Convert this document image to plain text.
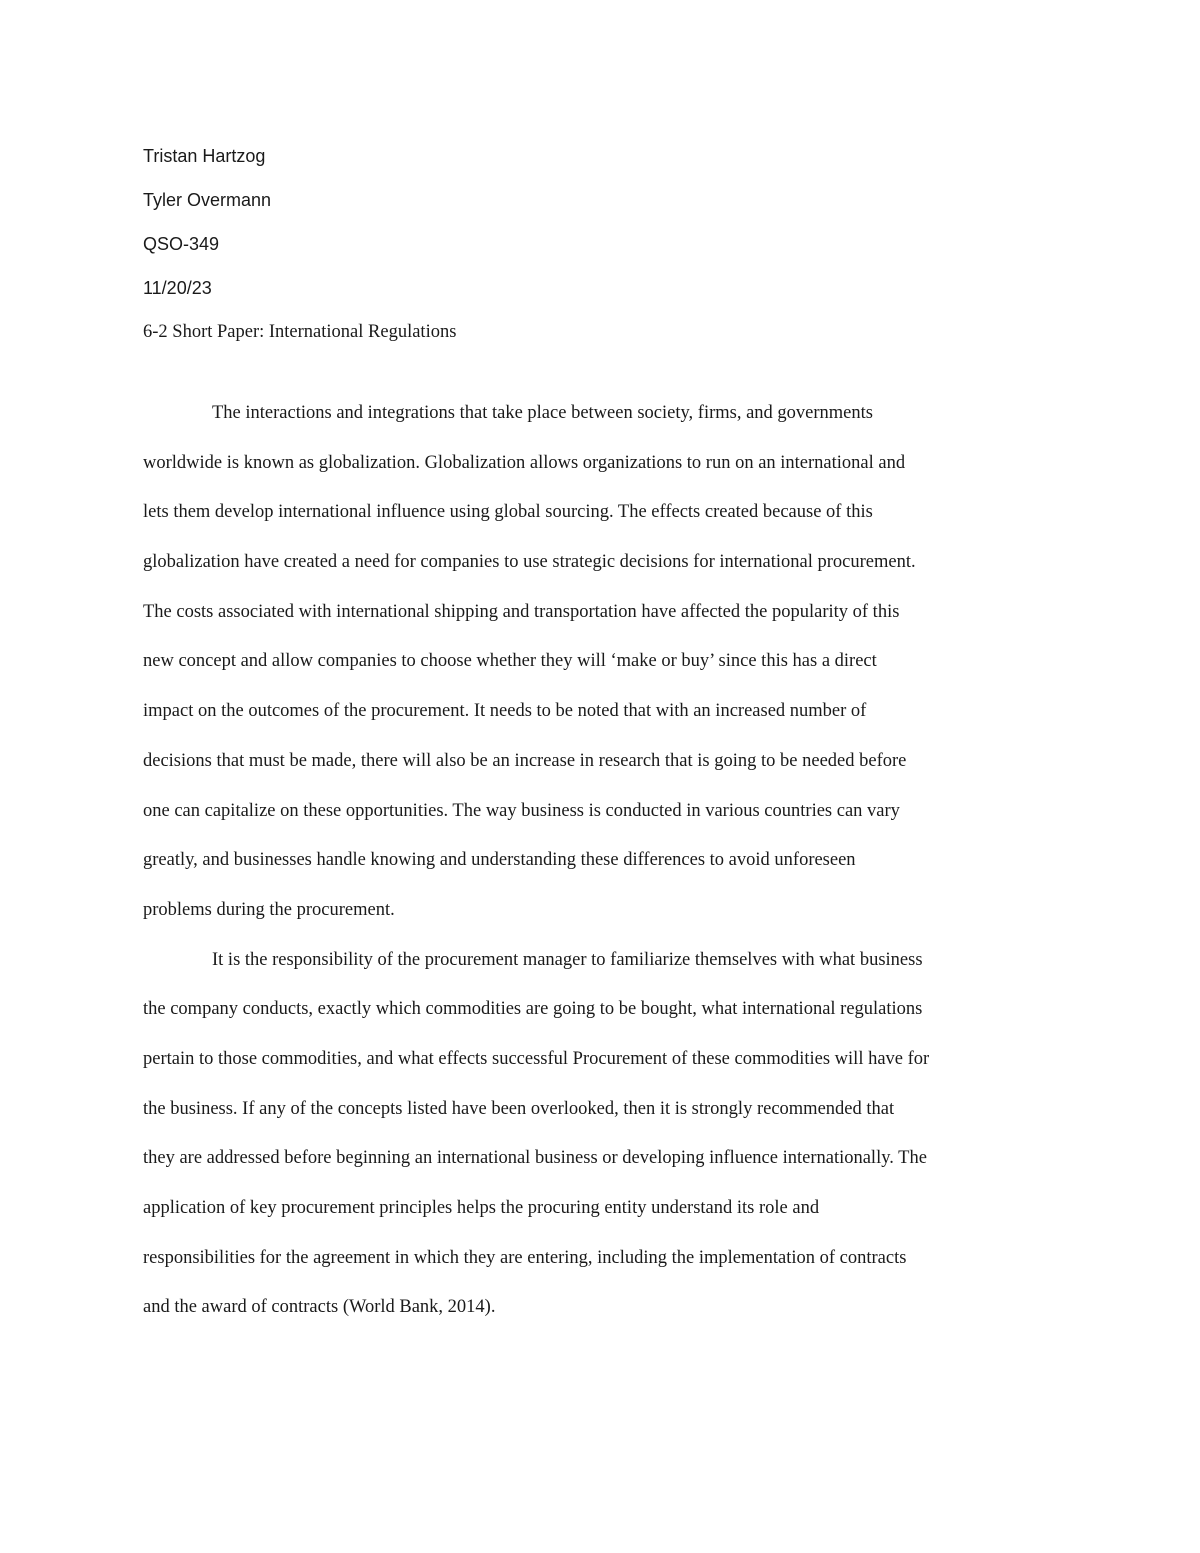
Tristan Hartzog
Tyler Overmann
QSO-349
11/20/23
6-2 Short Paper: International Regulations
The interactions and integrations that take place between society, firms, and governments
worldwide is known as globalization. Globalization allows organizations to run on an international and
lets them develop international influence using global sourcing. The effects created because of this
globalization have created a need for companies to use strategic decisions for international procurement.
The costs associated with international shipping and transportation have affected the popularity of this
new concept and allow companies to choose whether they will ‘make or buy’ since this has a direct
impact on the outcomes of the procurement. It needs to be noted that with an increased number of
decisions that must be made, there will also be an increase in research that is going to be needed before
one can capitalize on these opportunities. The way business is conducted in various countries can vary
greatly, and businesses handle knowing and understanding these differences to avoid unforeseen
problems during the procurement.
It is the responsibility of the procurement manager to familiarize themselves with what business
the company conducts, exactly which commodities are going to be bought, what international regulations
pertain to those commodities, and what effects successful Procurement of these commodities will have for
the business. If any of the concepts listed have been overlooked, then it is strongly recommended that
they are addressed before beginning an international business or developing influence internationally. The
application of key procurement principles helps the procuring entity understand its role and
responsibilities for the agreement in which they are entering, including the implementation of contracts
and the award of contracts (World Bank, 2014).
